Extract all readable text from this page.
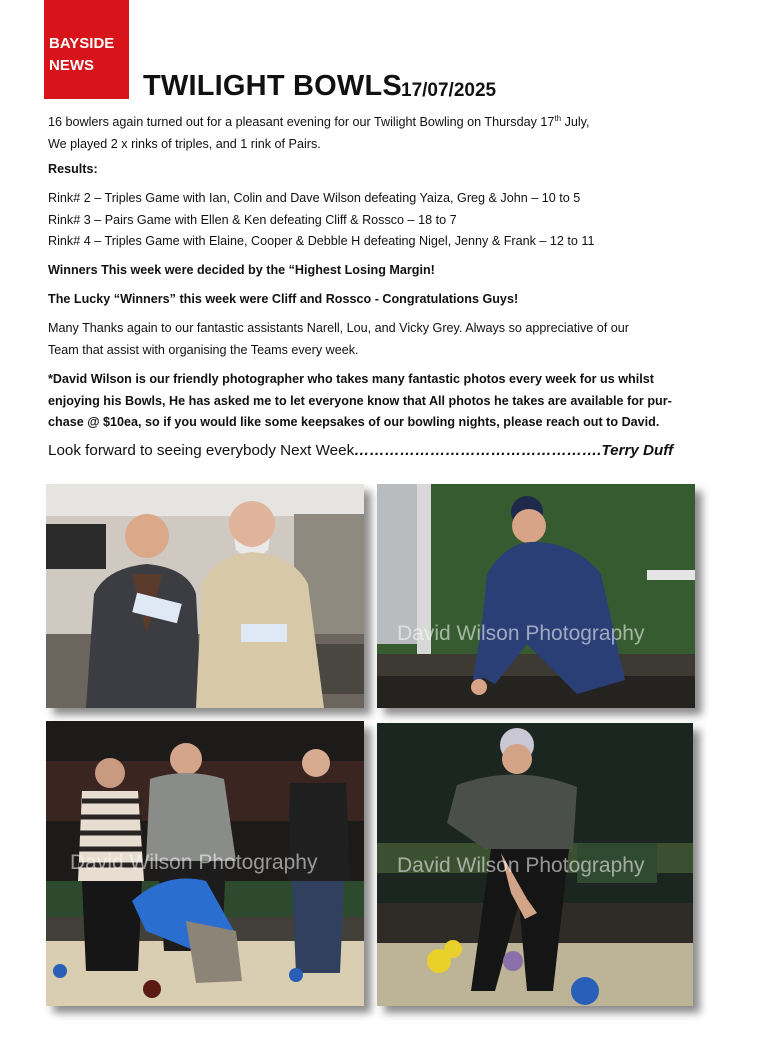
BAYSIDE
NEWS
TWILIGHT BOWLS 17/07/2025

16 bowlers again turned out for a pleasant evening for our Twilight Bowling on Thursday 17th July,
We played 2 x rinks of triples, and 1 rink of Pairs.

Results:

Rink# 2 – Triples Game with Ian, Colin and Dave Wilson defeating Yaiza, Greg & John – 10 to 5
Rink# 3 – Pairs Game with Ellen & Ken defeating Cliff & Rossco – 18 to 7
Rink# 4 – Triples Game with Elaine, Cooper & Debble H defeating Nigel, Jenny & Frank – 12 to 11

Winners This week were decided by the “Highest Losing Margin!

The Lucky “Winners” this week were Cliff and Rossco - Congratulations Guys!

Many Thanks again to our fantastic assistants Narell, Lou, and Vicky Grey. Always so appreciative of our
Team that assist with organising the Teams every week.

*David Wilson is our friendly photographer who takes many fantastic photos every week for us whilst
enjoying his Bowls, He has asked me to let everyone know that All photos he takes are available for pur-
chase @ $10ea, so if you would like some keepsakes of our bowling nights, please reach out to David.

Look forward to seeing everybody Next Week………………………………………….Terry Duff
David Wilson Photography
David Wilson Photography	David Wilson Photography
